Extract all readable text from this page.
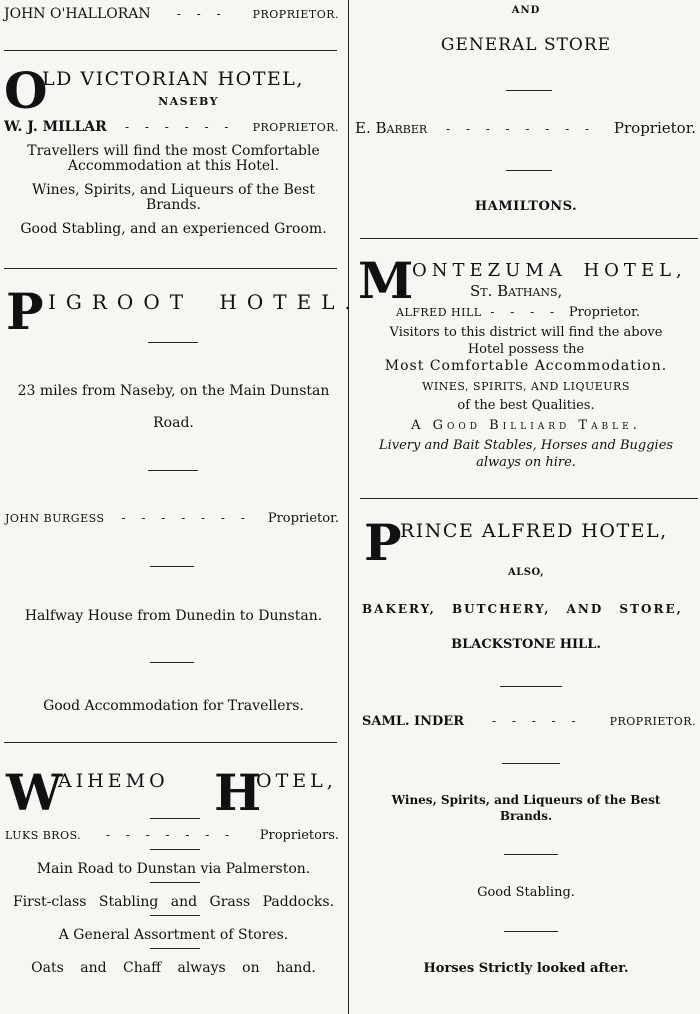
JOHN O'HALLORAN	- - -	PROPRIETOR.
O
LD VICTORIAN HOTEL,
NASEBY
W. J. MILLAR	- - - - - -	PROPRIETOR.
Travellers will find the most Comfortable
Accommodation at this Hotel.
Wines, Spirits, and Liqueurs of the Best
Brands.
Good Stabling, and an experienced Groom.
P IGROOT HOTEL.
23 miles from Naseby, on the Main Dunstan
Road.
JOHN BURGESS	- - - - - - -	Proprietor.
Halfway House from Dunedin to Dunstan.
Good Accommodation for Travellers.
W
AIHEMO H
OTEL,
LUKS BROS.	- - - - - - -	Proprietors.
Main Road to Dunstan via Palmerston.
First-class Stabling and Grass Paddocks.
A General Assortment of Stores.
Oats and Chaff always on hand.
AND
GENERAL STORE
E. Barber	- - - - - - - -	Proprietor.
HAMILTONS.
M
ONTEZUMA HOTEL,
St. Bathans,
ALFRED HILL - - - - Proprietor.
Visitors to this district will find the above
Hotel possess the
Most Comfortable Accommodation.
WINES, SPIRITS, AND LIQUEURS
of the best Qualities.
A Good Billiard Table.
Livery and Bait Stables, Horses and Buggies
always on hire.
P
RINCE ALFRED HOTEL,
ALSO,
BAKERY, BUTCHERY, AND STORE,
BLACKSTONE HILL.
SAML. INDER	- - - - -	PROPRIETOR.
Wines, Spirits, and Liqueurs of the Best
Brands.
Good Stabling.
Horses Strictly looked after.
